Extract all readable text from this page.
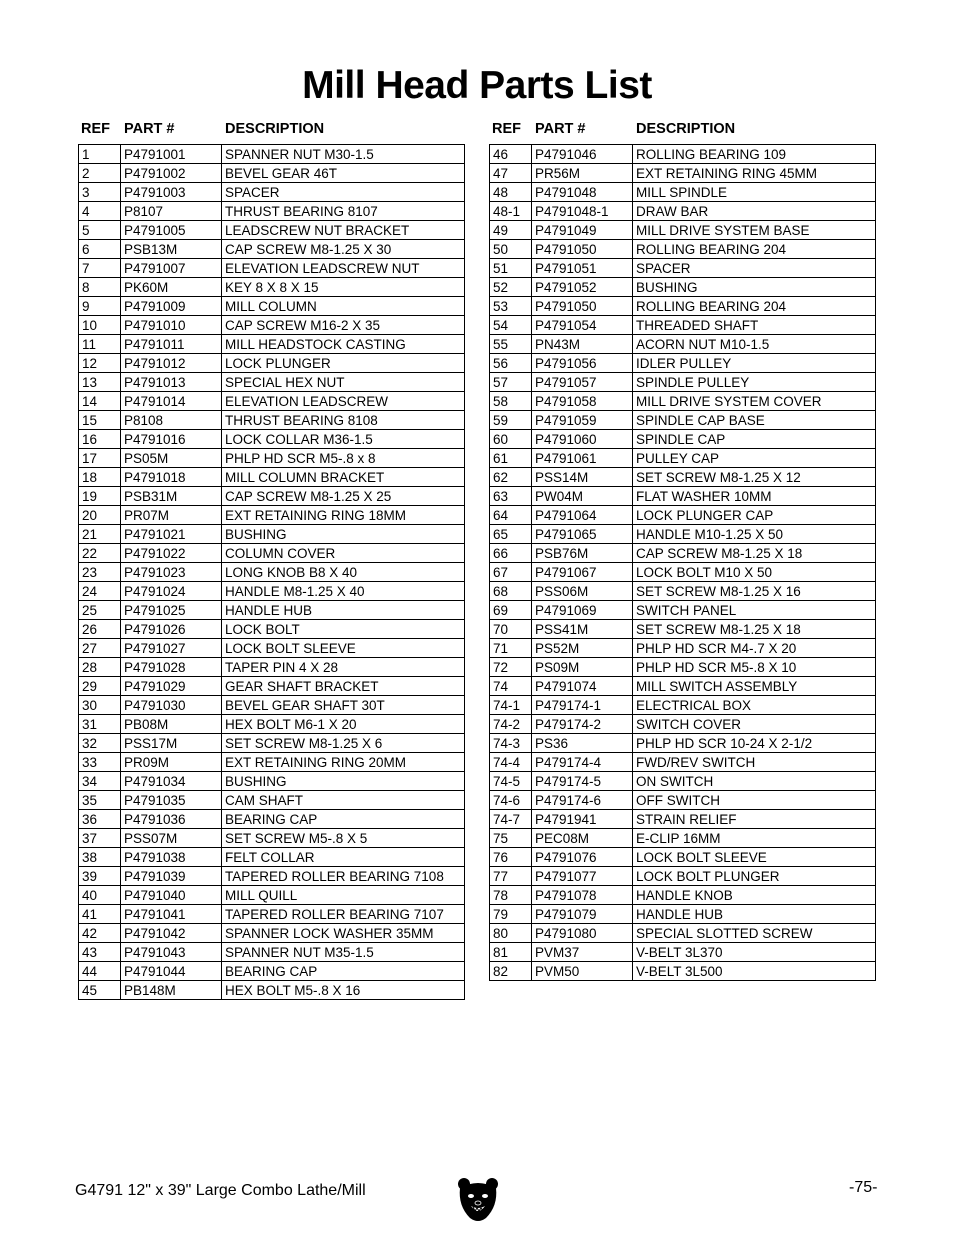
Mill Head Parts List
REF PART #	DESCRIPTION
1	P4791001	SPANNER NUT M30-1.5
2	P4791002	BEVEL GEAR 46T
3	P4791003	SPACER
4	P8107	THRUST BEARING 8107
5	P4791005	LEADSCREW NUT BRACKET
6	PSB13M	CAP SCREW M8-1.25 X 30
7	P4791007	ELEVATION LEADSCREW NUT
8	PK60M	KEY 8 X 8 X 15
9	P4791009	MILL COLUMN
10	P4791010	CAP SCREW M16-2 X 35
11	P4791011	MILL HEADSTOCK CASTING
12	P4791012	LOCK PLUNGER
13	P4791013	SPECIAL HEX NUT
14	P4791014	ELEVATION LEADSCREW
15	P8108	THRUST BEARING 8108
16	P4791016	LOCK COLLAR M36-1.5
17	PS05M	PHLP HD SCR M5-.8 x 8
18	P4791018	MILL COLUMN BRACKET
19	PSB31M	CAP SCREW M8-1.25 X 25
20	PR07M	EXT RETAINING RING 18MM
21	P4791021	BUSHING
22	P4791022	COLUMN COVER
23	P4791023	LONG KNOB B8 X 40
24	P4791024	HANDLE M8-1.25 X 40
25	P4791025	HANDLE HUB
26	P4791026	LOCK BOLT
27	P4791027	LOCK BOLT SLEEVE
28	P4791028	TAPER PIN 4 X 28
29	P4791029	GEAR SHAFT BRACKET
30	P4791030	BEVEL GEAR SHAFT 30T
31	PB08M	HEX BOLT M6-1 X 20
32	PSS17M	SET SCREW M8-1.25 X 6
33	PR09M	EXT RETAINING RING 20MM
34	P4791034	BUSHING
35	P4791035	CAM SHAFT
36	P4791036	BEARING CAP
37	PSS07M	SET SCREW M5-.8 X 5
38	P4791038	FELT COLLAR
39	P4791039	TAPERED ROLLER BEARING 7108
40	P4791040	MILL QUILL
41	P4791041	TAPERED ROLLER BEARING 7107
42	P4791042	SPANNER LOCK WASHER 35MM
43	P4791043	SPANNER NUT M35-1.5
44	P4791044	BEARING CAP
45	PB148M	HEX BOLT M5-.8 X 16
REF PART #	DESCRIPTION
46	P4791046	ROLLING BEARING 109
47	PR56M	EXT RETAINING RING 45MM
48	P4791048	MILL SPINDLE
48-1	P4791048-1	DRAW BAR
49	P4791049	MILL DRIVE SYSTEM BASE
50	P4791050	ROLLING BEARING 204
51	P4791051	SPACER
52	P4791052	BUSHING
53	P4791050	ROLLING BEARING 204
54	P4791054	THREADED SHAFT
55	PN43M	ACORN NUT M10-1.5
56	P4791056	IDLER PULLEY
57	P4791057	SPINDLE PULLEY
58	P4791058	MILL DRIVE SYSTEM COVER
59	P4791059	SPINDLE CAP BASE
60	P4791060	SPINDLE CAP
61	P4791061	PULLEY CAP
62	PSS14M	SET SCREW M8-1.25 X 12
63	PW04M	FLAT WASHER 10MM
64	P4791064	LOCK PLUNGER CAP
65	P4791065	HANDLE M10-1.25 X 50
66	PSB76M	CAP SCREW M8-1.25 X 18
67	P4791067	LOCK BOLT M10 X 50
68	PSS06M	SET SCREW M8-1.25 X 16
69	P4791069	SWITCH PANEL
70	PSS41M	SET SCREW M8-1.25 X 18
71	PS52M	PHLP HD SCR M4-.7 X 20
72	PS09M	PHLP HD SCR M5-.8 X 10
74	P4791074	MILL SWITCH ASSEMBLY
74-1	P479174-1	ELECTRICAL BOX
74-2	P479174-2	SWITCH COVER
74-3	PS36	PHLP HD SCR 10-24 X 2-1/2
74-4	P479174-4	FWD/REV SWITCH
74-5	P479174-5	ON SWITCH
74-6	P479174-6	OFF SWITCH
74-7	P4791941	STRAIN RELIEF
75	PEC08M	E-CLIP 16MM
76	P4791076	LOCK BOLT SLEEVE
77	P4791077	LOCK BOLT PLUNGER
78	P4791078	HANDLE KNOB
79	P4791079	HANDLE HUB
80	P4791080	SPECIAL SLOTTED SCREW
81	PVM37	V-BELT 3L370
82	PVM50	V-BELT 3L500
G4791 12" x 39" Large Combo Lathe/Mill	-75-
